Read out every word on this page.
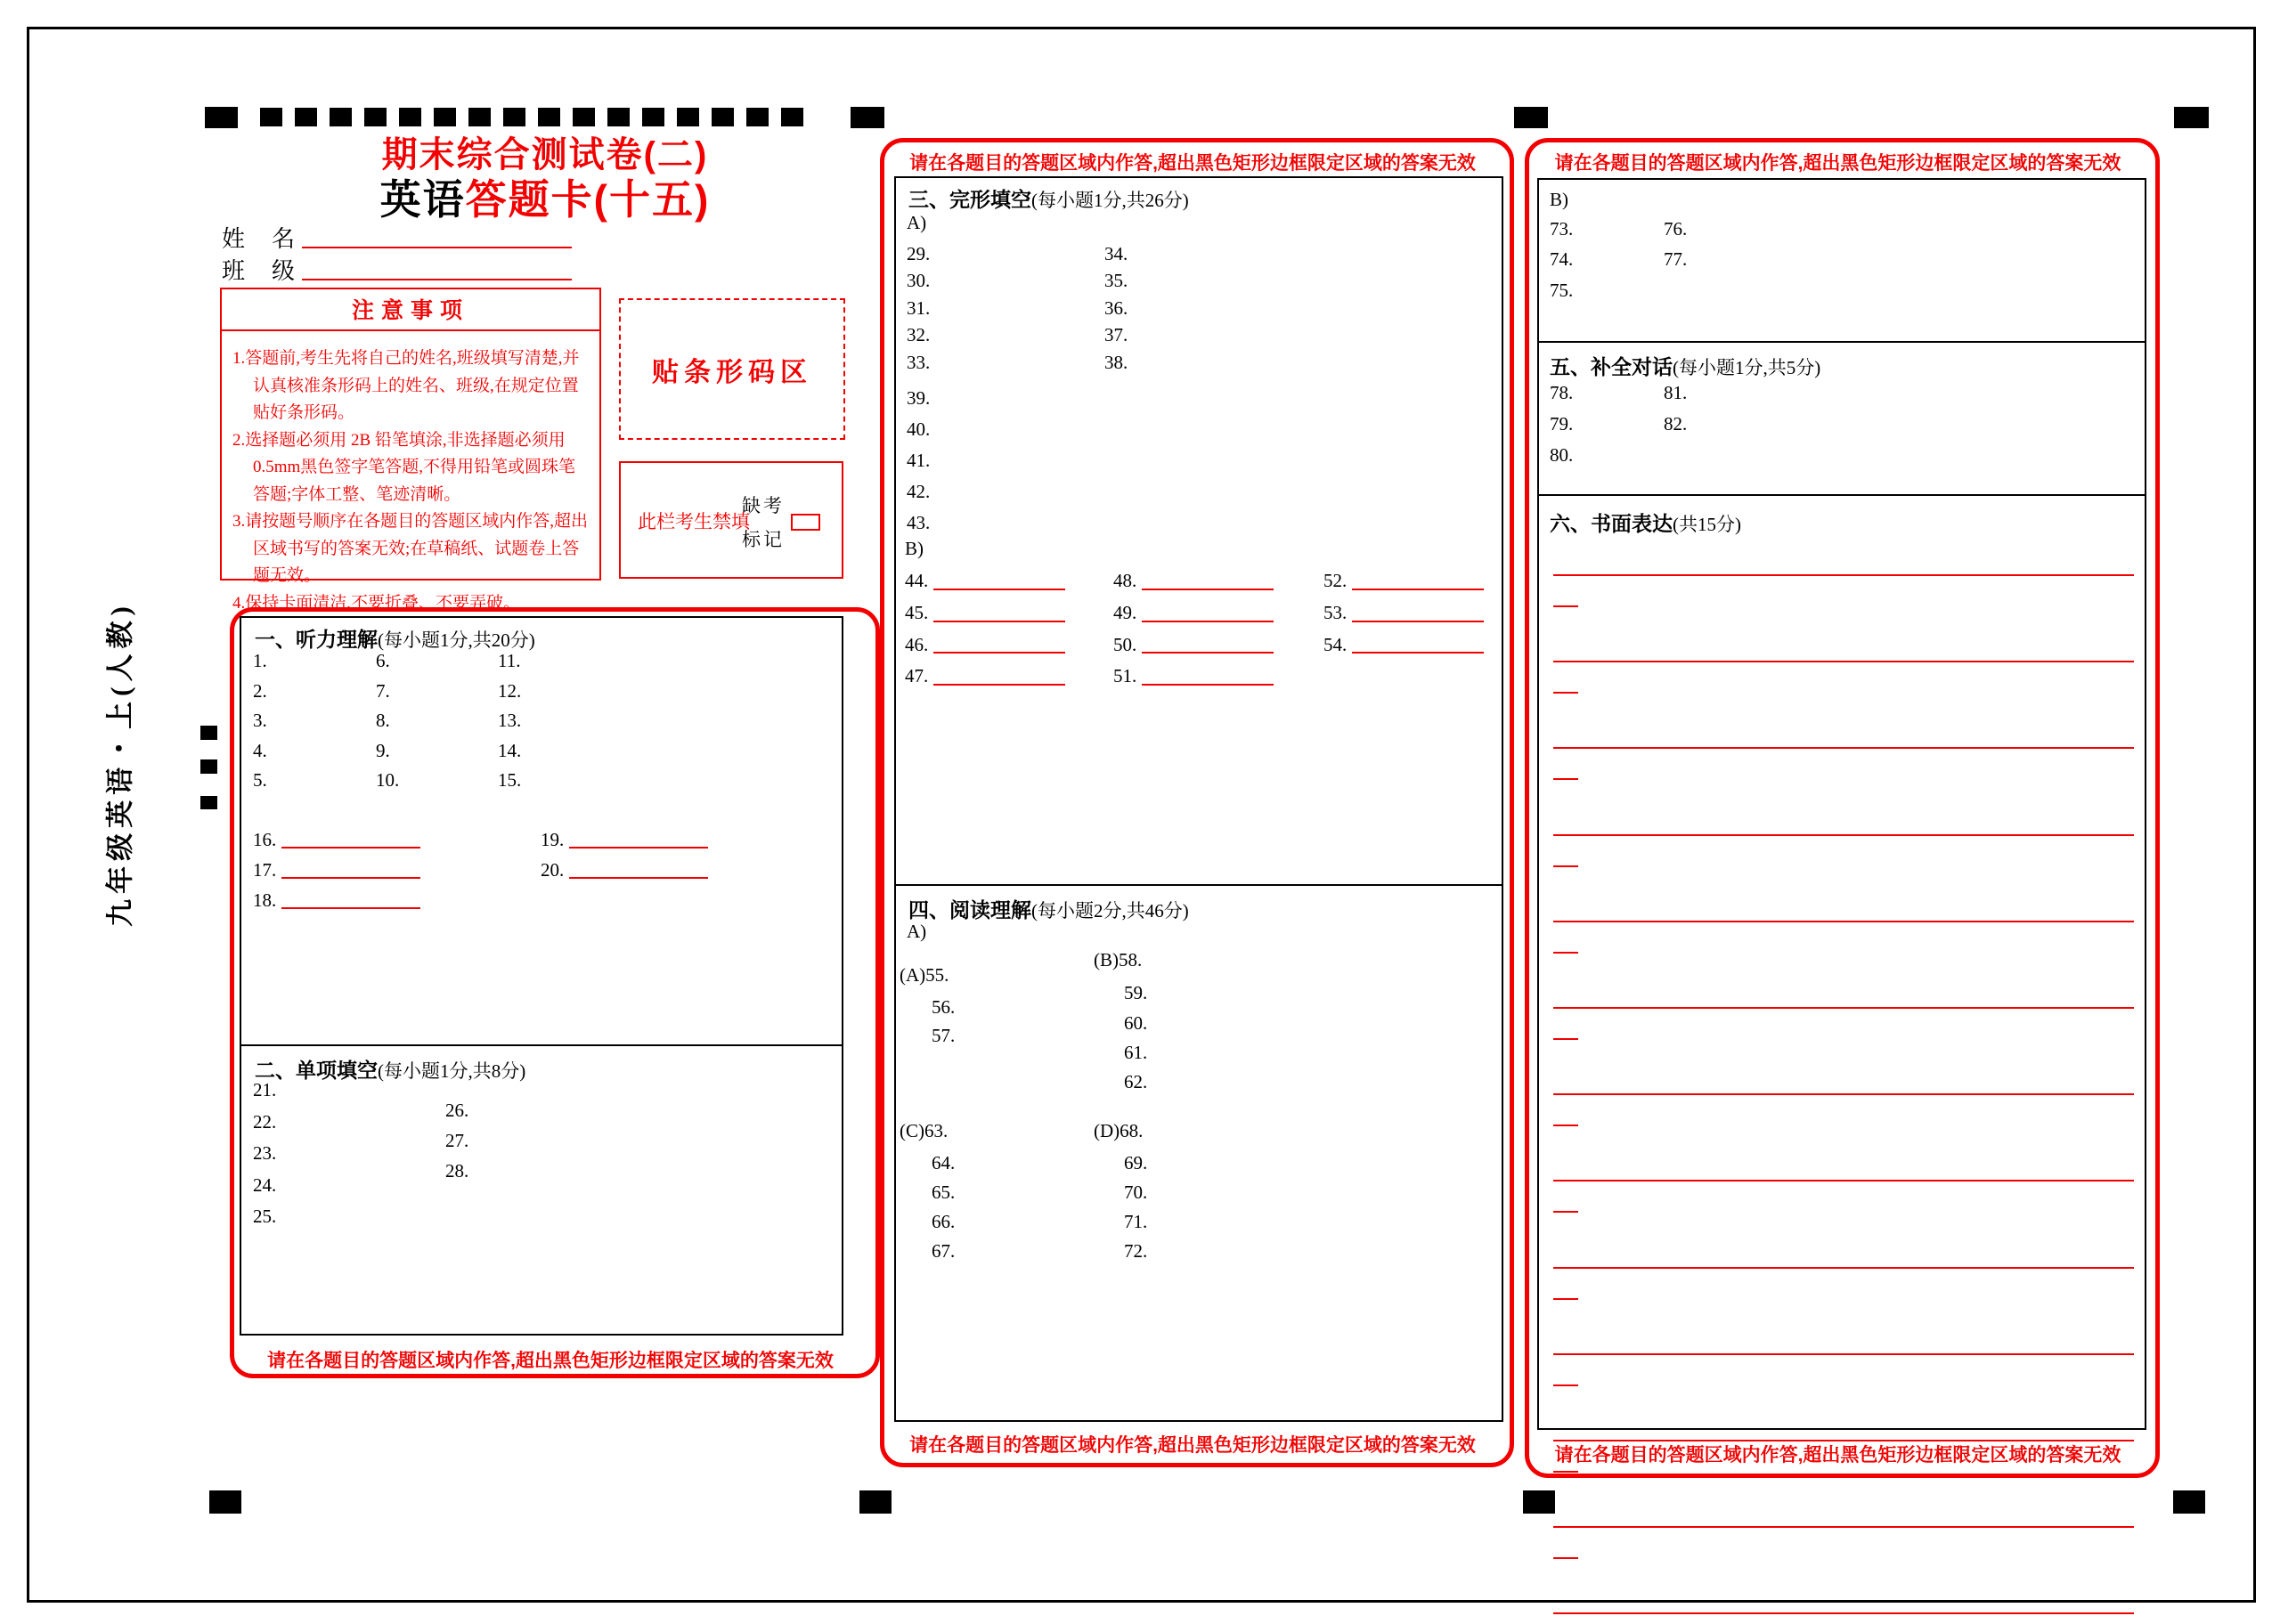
九年级英语・上(人教)
期末综合测试卷(二)
英语答题卡(十五)
姓　名
班　级
注意事项
1.答题前,考生先将自己的姓名,班级填写清楚,并认真核准条形码上的姓名、班级,在规定位置贴好条形码。
2.选择题必须用 2B 铅笔填涂,非选择题必须用 0.5mm黑色签字笔答题,不得用铅笔或圆珠笔答题;字体工整、笔迹清晰。
3.请按题号顺序在各题目的答题区域内作答,超出区域书写的答案无效;在草稿纸、试题卷上答题无效。
4.保持卡面清洁,不要折叠、不要弄破。
贴条形码区
此栏考生禁填
缺考
标记
一、听力理解(每小题1分,共20分)
1.
2.
3.
4.
5.
6.
7.
8.
9.
10.
11.
12.
13.
14.
15.
16.
17.
18.
19.
20.
二、单项填空(每小题1分,共8分)
21.
22.
23.
24.
25.
26.
27.
28.
请在各题目的答题区域内作答,超出黑色矩形边框限定区域的答案无效
请在各题目的答题区域内作答,超出黑色矩形边框限定区域的答案无效
三、完形填空(每小题1分,共26分)
A)
29.
30.
31.
32.
33.
34.
35.
36.
37.
38.
39.
40.
41.
42.
43.
B)
44.
45.
46.
47.
48.
49.
50.
51.
52.
53.
54.
四、阅读理解(每小题2分,共46分)
A)
(A)55.
56.
57.
(B)58.
59.
60.
61.
62.
(C)63.
64.
65.
66.
67.
(D)68.
69.
70.
71.
72.
请在各题目的答题区域内作答,超出黑色矩形边框限定区域的答案无效
请在各题目的答题区域内作答,超出黑色矩形边框限定区域的答案无效
B)
73.
74.
75.
76.
77.
五、补全对话(每小题1分,共5分)
78.
79.
80.
81.
82.
六、书面表达(共15分)
请在各题目的答题区域内作答,超出黑色矩形边框限定区域的答案无效
